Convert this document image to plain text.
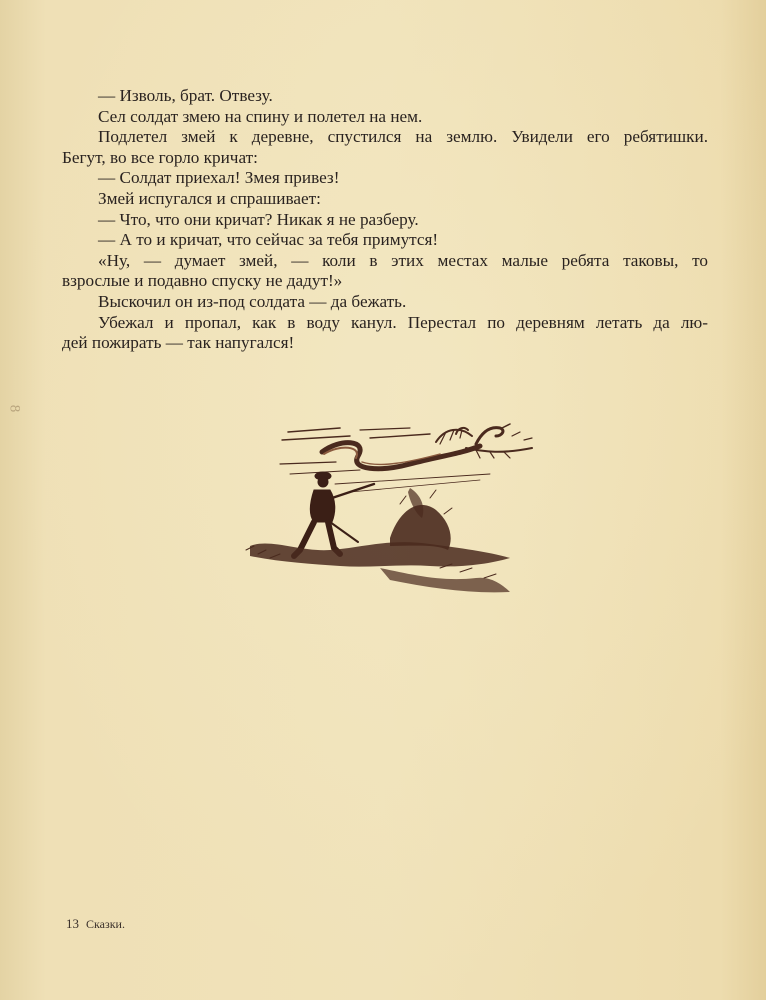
— Изволь, брат. Отвезу.

Сел солдат змею на спину и полетел на нем.

Подлетел змей к деревне, спустился на землю. Увидели его ребятишки.

Бегут, во все горло кричат:

— Солдат приехал! Змея привез!

Змей испугался и спрашивает:

— Что, что они кричат? Никак я не разберу.

— А то и кричат, что сейчас за тебя примутся!

«Ну, — думает змей, — коли в этих местах малые ребята таковы, то

взрослые и подавно спуску не дадут!»

Выскочил он из-под солдата — да бежать.

Убежал и пропал, как в воду канул. Перестал по деревням летать да лю-

дей пожирать — так напугался!

8
13 Сказки.
